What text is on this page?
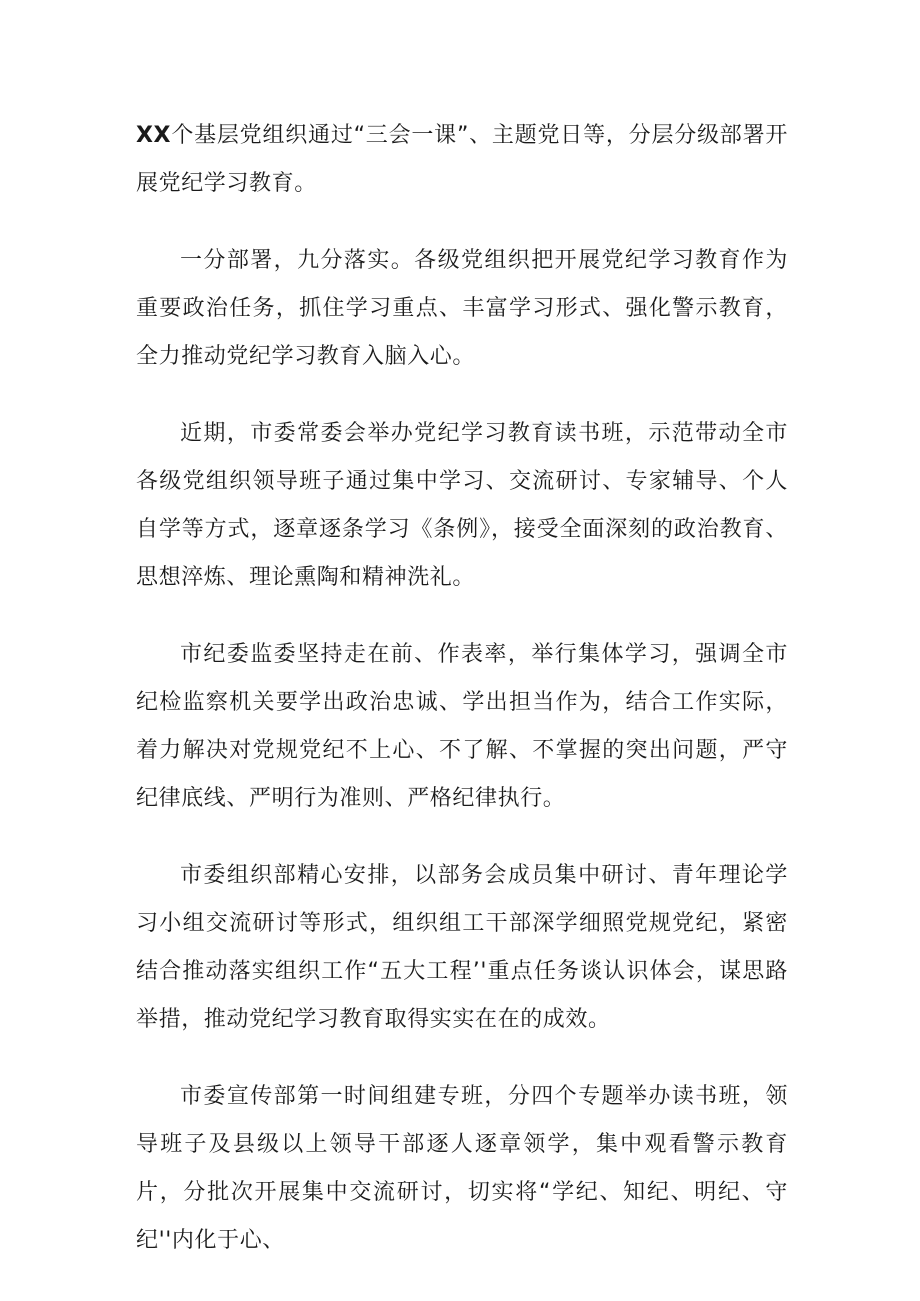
XX个基层党组织通过“三会一课”、主题党日等，分层分级部署开展党纪学习教育。

一分部署，九分落实。各级党组织把开展党纪学习教育作为重要政治任务，抓住学习重点、丰富学习形式、强化警示教育，全力推动党纪学习教育入脑入心。

近期，市委常委会举办党纪学习教育读书班，示范带动全市各级党组织领导班子通过集中学习、交流研讨、专家辅导、个人自学等方式，逐章逐条学习《条例》，接受全面深刻的政治教育、思想淬炼、理论熏陶和精神洗礼。

市纪委监委坚持走在前、作表率，举行集体学习，强调全市纪检监察机关要学出政治忠诚、学出担当作为，结合工作实际，着力解决对党规党纪不上心、不了解、不掌握的突出问题，严守纪律底线、严明行为准则、严格纪律执行。

市委组织部精心安排，以部务会成员集中研讨、青年理论学习小组交流研讨等形式，组织组工干部深学细照党规党纪，紧密结合推动落实组织工作“五大工程’'重点任务谈认识体会，谋思路举措，推动党纪学习教育取得实实在在的成效。

市委宣传部第一时间组建专班，分四个专题举办读书班，领导班子及县级以上领导干部逐人逐章领学，集中观看警示教育片，分批次开展集中交流研讨，切实将“学纪、知纪、明纪、守纪''内化于心、
